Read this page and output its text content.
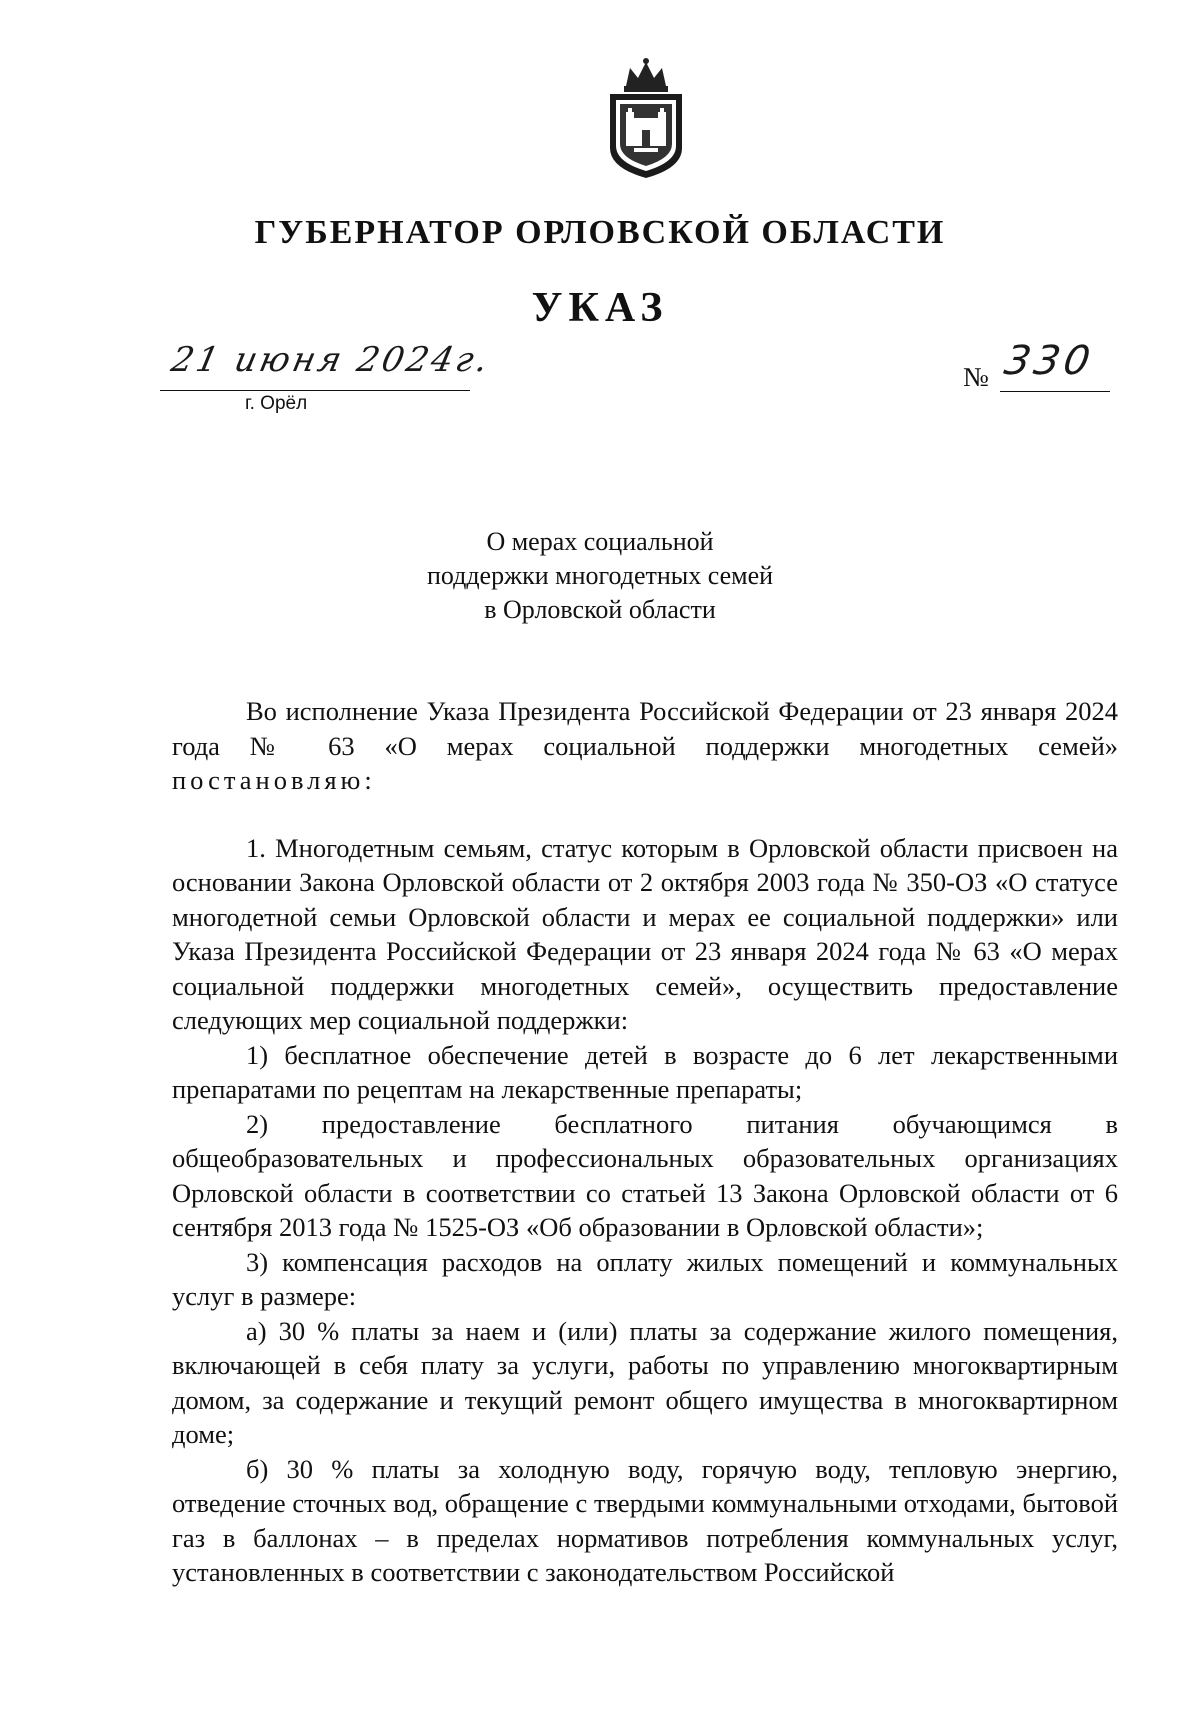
ГУБЕРНАТОР ОРЛОВСКОЙ ОБЛАСТИ
УКАЗ
21 июня 2024г.
г. Орёл
№ 330
О мерах социальной
поддержки многодетных семей
в Орловской области

Во исполнение Указа Президента Российской Федерации от 23 января 2024 года № 63 «О мерах социальной поддержки многодетных семей» постановляю:

1. Многодетным семьям, статус которым в Орловской области присвоен на основании Закона Орловской области от 2 октября 2003 года № 350-ОЗ «О статусе многодетной семьи Орловской области и мерах ее социальной поддержки» или Указа Президента Российской Федерации от 23 января 2024 года № 63 «О мерах социальной поддержки многодетных семей», осуществить предоставление следующих мер социальной поддержки:

1) бесплатное обеспечение детей в возрасте до 6 лет лекарственными препаратами по рецептам на лекарственные препараты;

2) предоставление бесплатного питания обучающимся в общеобразовательных и профессиональных образовательных организациях Орловской области в соответствии со статьей 13 Закона Орловской области от 6 сентября 2013 года № 1525-ОЗ «Об образовании в Орловской области»;

3) компенсация расходов на оплату жилых помещений и коммунальных услуг в размере:

а) 30 % платы за наем и (или) платы за содержание жилого помещения, включающей в себя плату за услуги, работы по управлению многоквартирным домом, за содержание и текущий ремонт общего имущества в многоквартирном доме;

б) 30 % платы за холодную воду, горячую воду, тепловую энергию, отведение сточных вод, обращение с твердыми коммунальными отходами, бытовой газ в баллонах – в пределах нормативов потребления коммунальных услуг, установленных в соответствии с законодательством Российской
